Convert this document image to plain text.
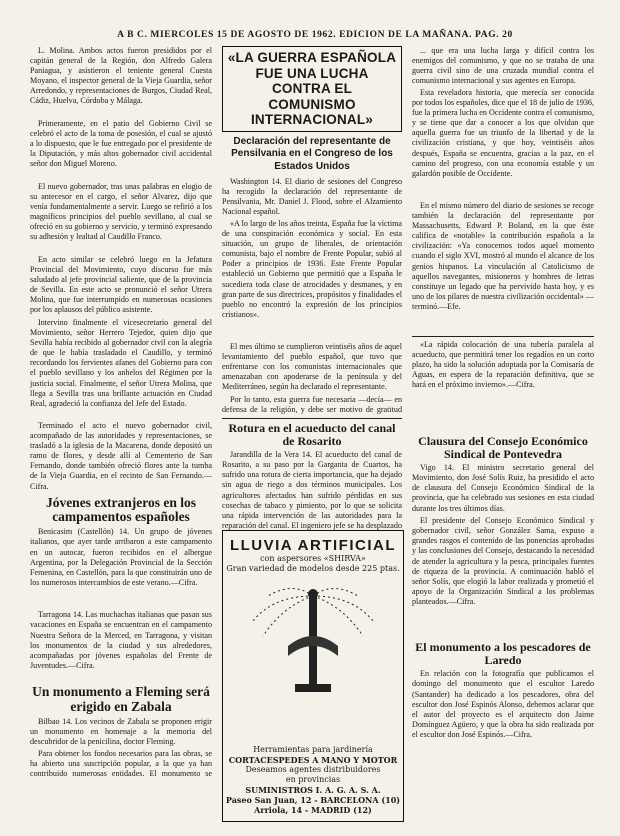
A B C. MIERCOLES 15 DE AGOSTO DE 1962. EDICION DE LA MAÑANA. PAG. 20

L. Molina. Ambos actos fueron presididos por el capitán general de la Región, don Alfredo Galera Paniagua, y asistieron el teniente general Cuesta Moyano, el inspector general de la Vieja Guardia, señor Arredondo, y representaciones de Burgos, Ciudad Real, Cádiz, Huelva, Córdoba y Málaga.

Primeramente, en el patio del Gobierno Civil se celebró el acto de la toma de posesión, el cual se ajustó a lo dispuesto, que le fue entregado por el presidente de la Diputación, y más altos gobernador civil accidental señor don Miguel Moreno.

El nuevo gobernador, tras unas palabras en elogio de su antecesor en el cargo, el señor Alvarez, dijo que venía fundamentalmente a servir. Luego se refirió a los magníficos principios del pueblo sevillano, al cual se ofreció en su gobierno y servicio, y terminó expresando su adhesión y lealtad al Caudillo Franco.

En acto similar se celebró luego en la Jefatura Provincial del Movimiento, cuyo discurso fue más saludado al jefe provincial saliente, que de la provincia de Sevilla. En este acto se pronunció el señor Utrera Molina, que fue interrumpido en numerosas ocasiones por los aplausos del público asistente.

Intervino finalmente el vicesecretario general del Movimiento, señor Herrero Tejedor, quien dijo que Sevilla había recibido al gobernador civil con la alegría de que le había trasladado el Caudillo, y terminó recordando los fervientes afanes del Gobierno para con el pueblo sevillano y los anhelos del Régimen por la justicia social. Finalmente, el señor Utrera Molina, que llega a Sevilla tras una brillante actuación en Ciudad Real, agradeció la confianza del Jefe del Estado.

Terminado el acto el nuevo gobernador civil, acompañado de las autoridades y representaciones, se trasladó a la iglesia de la Macarena, donde depositó un ramo de flores, y desde allí al Cementerio de San Fernando, donde también ofreció flores ante la tumba de la Vieja Guardia, en el recinto de San Fernando.—Cifra.

Jóvenes extranjeros en los campamentos españoles

Benicasim (Castellón) 14. Un grupo de jóvenes italianos, que ayer tarde arribaron a este campamento en un autocar, fueron recibidos en el albergue Argentina, por la Delegación Provincial de la Sección Femenina, en Castellón, para la que constituirán uno de los numerosos intercambios de este verano.—Cifra.

Tarragona 14. Las muchachas italianas que pasan sus vacaciones en España se encuentran en el campamento Nuestra Señora de la Merced, en Tarragona, y visitan los monumentos de la ciudad y sus alrededores, acompañadas por jóvenes españolas del Frente de Juventudes.—Cifra.

Un monumento a Fleming será erigido en Zabala

Bilbao 14. Los vecinos de Zabala se proponen erigir un monumento en homenaje a la memoria del descubridor de la penicilina, doctor Fleming.

Para obtener los fondos necesarios para las obras, se ha abierto una suscripción popular, a la que ya han contribuido numerosas entidades. El monumento se

«LA GUERRA ESPAÑOLA FUE UNA LUCHA CONTRA EL COMUNISMO INTERNACIONAL»
Declaración del representante de Pensilvania en el Congreso de los Estados Unidos

Washington 14. El diario de sesiones del Congreso ha recogido la declaración del representante de Pensilvania, Mr. Daniel J. Flood, sobre el Alzamiento Nacional español.

«A lo largo de los años treinta, España fue la víctima de una conspiración económica y social. En esta situación, un grupo de liberales, de orientación comunista, bajo el nombre de Frente Popular, subió al Poder a principios de 1936. Este Frente Popular estableció un Gobierno que permitió que a España le sucediera toda clase de atrocidades y desmanes, y en gran parte de sus directrices, propósitos y finalidades el pueblo no encontró la expresión de los principios cristianos».

El mes último se cumplieron veintiséis años de aquel levantamiento del pueblo español, que tuvo que enfrentarse con los comunistas internacionales que amenazaban con apoderarse de la península y del Mediterráneo, según ha declarado el representante.

Por lo tanto, esta guerra fue necesaria —decía— en defensa de la religión, y debe ser motivo de gratitud

Rotura en el acueducto del canal de Rosarito

Jarandilla de la Vera 14. El acueducto del canal de Rosarito, a su paso por la Garganta de Cuartos, ha sufrido una rotura de cierta importancia, que ha dejado sin agua de riego a dos términos municipales. Los agricultores afectados han sufrido pérdidas en sus cosechas de tabaco y pimiento, por lo que se solicita una rápida intervención de las autoridades para la reparación del canal. El ingeniero jefe se ha desplazado

LLUVIA ARTIFICIAL
con aspersores «SHIRVA»
Gran variedad de modelos desde 225 ptas.
Herramientas para jardinería
CORTACESPEDES A MANO Y MOTOR
Deseamos agentes distribuidores
en provincias
SUMINISTROS I. A. G. A. S. A.
Paseo San Juan, 12 - BARCELONA (10)
Arriola, 14 - MADRID (12)

... que era una lucha larga y difícil contra los enemigos del comunismo, y que no se trataba de una guerra civil sino de una cruzada mundial contra el comunismo internacional y sus agentes en Europa.

Esta reveladora historia, que merecía ser conocida por todos los españoles, dice que el 18 de julio de 1936, fue la primera lucha en Occidente contra el comunismo, y se tiene que dar a conocer a los que olvidan que aquella guerra fue un triunfo de la libertad y de la civilización cristiana, y que hoy, veintiséis años después, España se encuentra, gracias a la paz, en el camino del progreso, con una economía estable y un galardón posible de Occidente.

En el mismo número del diario de sesiones se recoge también la declaración del representante por Massachusetts, Edward P. Boland, en la que éste califica de «notable» la contribución española a la civilización: «Ya conocemos todos aquel momento cuando el siglo XVI, mostró al mundo el alcance de los genios hispanos. La vinculación al Catolicismo de aquellos navegantes, misioneros y hombres de letras constituye un legado que ha pervivido hasta hoy, y es uno de los pilares de nuestra civilización occidental» —terminó.—Efe.

«La rápida colocación de una tubería paralela al acueducto, que permitirá tener los regadíos en un corto plazo, ha sido la solución adoptada por la Comisaría de Aguas, en espera de la reparación definitiva, que se hará en el próximo invierno».—Cifra.

Clausura del Consejo Económico Sindical de Pontevedra

Vigo 14. El ministro secretario general del Movimiento, don José Solís Ruiz, ha presidido el acto de clausura del Consejo Económico Sindical de la provincia, que ha celebrado sus sesiones en esta ciudad durante los tres últimos días.

El presidente del Consejo Económico Sindical y gobernador civil, señor González Sama, expuso a grandes rasgos el contenido de las ponencias aprobadas y las conclusiones del Consejo, destacando la necesidad de atender la agricultura y la pesca, principales fuentes de riqueza de la provincia. A continuación habló el señor Solís, que elogió la labor realizada y prometió el apoyo de la Organización Sindical a los problemas planteados.—Cifra.

El monumento a los pescadores de Laredo

En relación con la fotografía que publicamos el domingo del monumento que el escultor Laredo (Santander) ha dedicado a los pescadores, obra del escultor don José Espinós Alonso, debemos aclarar que el autor del proyecto es el arquitecto don Jaime Domínguez Agüero, y que la obra ha sido realizada por el escultor don José Espinós.—Cifra.
